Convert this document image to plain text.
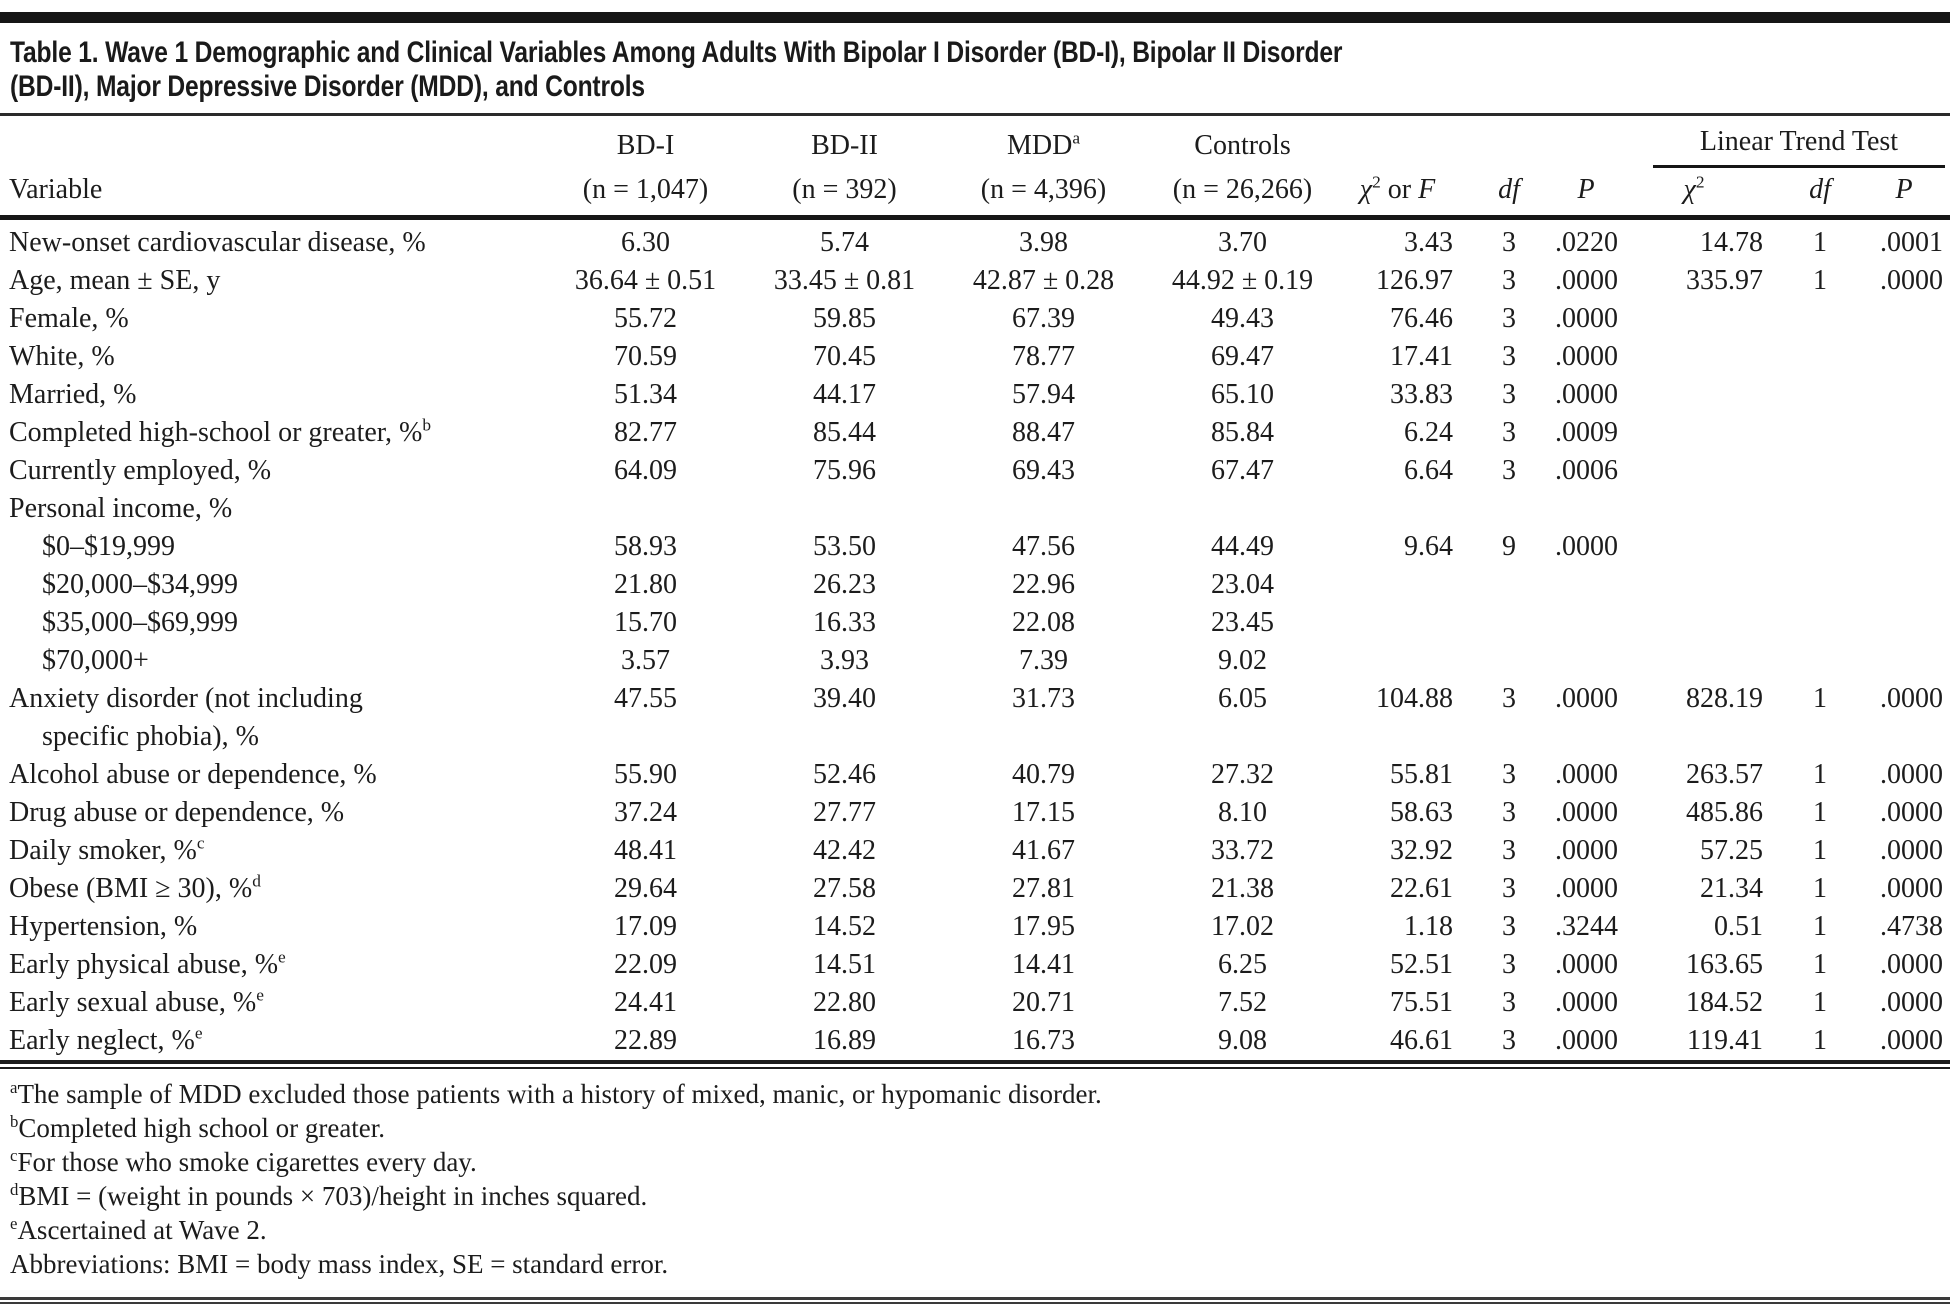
Table 1. Wave 1 Demographic and Clinical Variables Among Adults With Bipolar I Disorder (BD-I), Bipolar II Disorder
(BD-II), Major Depressive Disorder (MDD), and Controls
	BD-I	BD-II	MDD$^a$	Controls				Linear Trend Test		

Variable	(n = 1,047)	(n = 392)	(n = 4,396)	(n = 26,266)	$\chi^2$ or F	df	P	$\chi^2$	df	P
New-onset cardiovascular disease, %	6.30	5.74	3.98	3.70	3.43	3	.0220	14.78	1	.0001
Age, mean ± SE, y	36.64 ± 0.51	33.45 ± 0.81	42.87 ± 0.28	44.92 ± 0.19	126.97	3	.0000	335.97	1	.0000
Female, %	55.72	59.85	67.39	49.43	76.46	3	.0000			
White, %	70.59	70.45	78.77	69.47	17.41	3	.0000			
Married, %	51.34	44.17	57.94	65.10	33.83	3	.0000			
Completed high-school or greater, %$^b$	82.77	85.44	88.47	85.84	6.24	3	.0009			
Currently employed, %	64.09	75.96	69.43	67.47	6.64	3	.0006			
Personal income, %										
$0–$19,999	58.93	53.50	47.56	44.49	9.64	9	.0000			
$20,000–$34,999	21.80	26.23	22.96	23.04						
$35,000–$69,999	15.70	16.33	22.08	23.45						
$70,000+	3.57	3.93	7.39	9.02						
Anxiety disorder (not including
specific phobia), %	47.55	39.40	31.73	6.05	104.88	3	.0000	828.19	1	.0000
Alcohol abuse or dependence, %	55.90	52.46	40.79	27.32	55.81	3	.0000	263.57	1	.0000
Drug abuse or dependence, %	37.24	27.77	17.15	8.10	58.63	3	.0000	485.86	1	.0000
Daily smoker, %$^c$	48.41	42.42	41.67	33.72	32.92	3	.0000	57.25	1	.0000
Obese (BMI ≥ 30), %$^d$	29.64	27.58	27.81	21.38	22.61	3	.0000	21.34	1	.0000
Hypertension, %	17.09	14.52	17.95	17.02	1.18	3	.3244	0.51	1	.4738
Early physical abuse, %$^e$	22.09	14.51	14.41	6.25	52.51	3	.0000	163.65	1	.0000
Early sexual abuse, %$^e$	24.41	22.80	20.71	7.52	75.51	3	.0000	184.52	1	.0000
Early neglect, %$^e$	22.89	16.89	16.73	9.08	46.61	3	.0000	119.41	1	.0000
$^a$The sample of MDD excluded those patients with a history of mixed, manic, or hypomanic disorder.
$^b$Completed high school or greater.
$^c$For those who smoke cigarettes every day.
$^d$BMI = (weight in pounds × 703)/height in inches squared.
$^e$Ascertained at Wave 2.
Abbreviations: BMI = body mass index, SE = standard error.
